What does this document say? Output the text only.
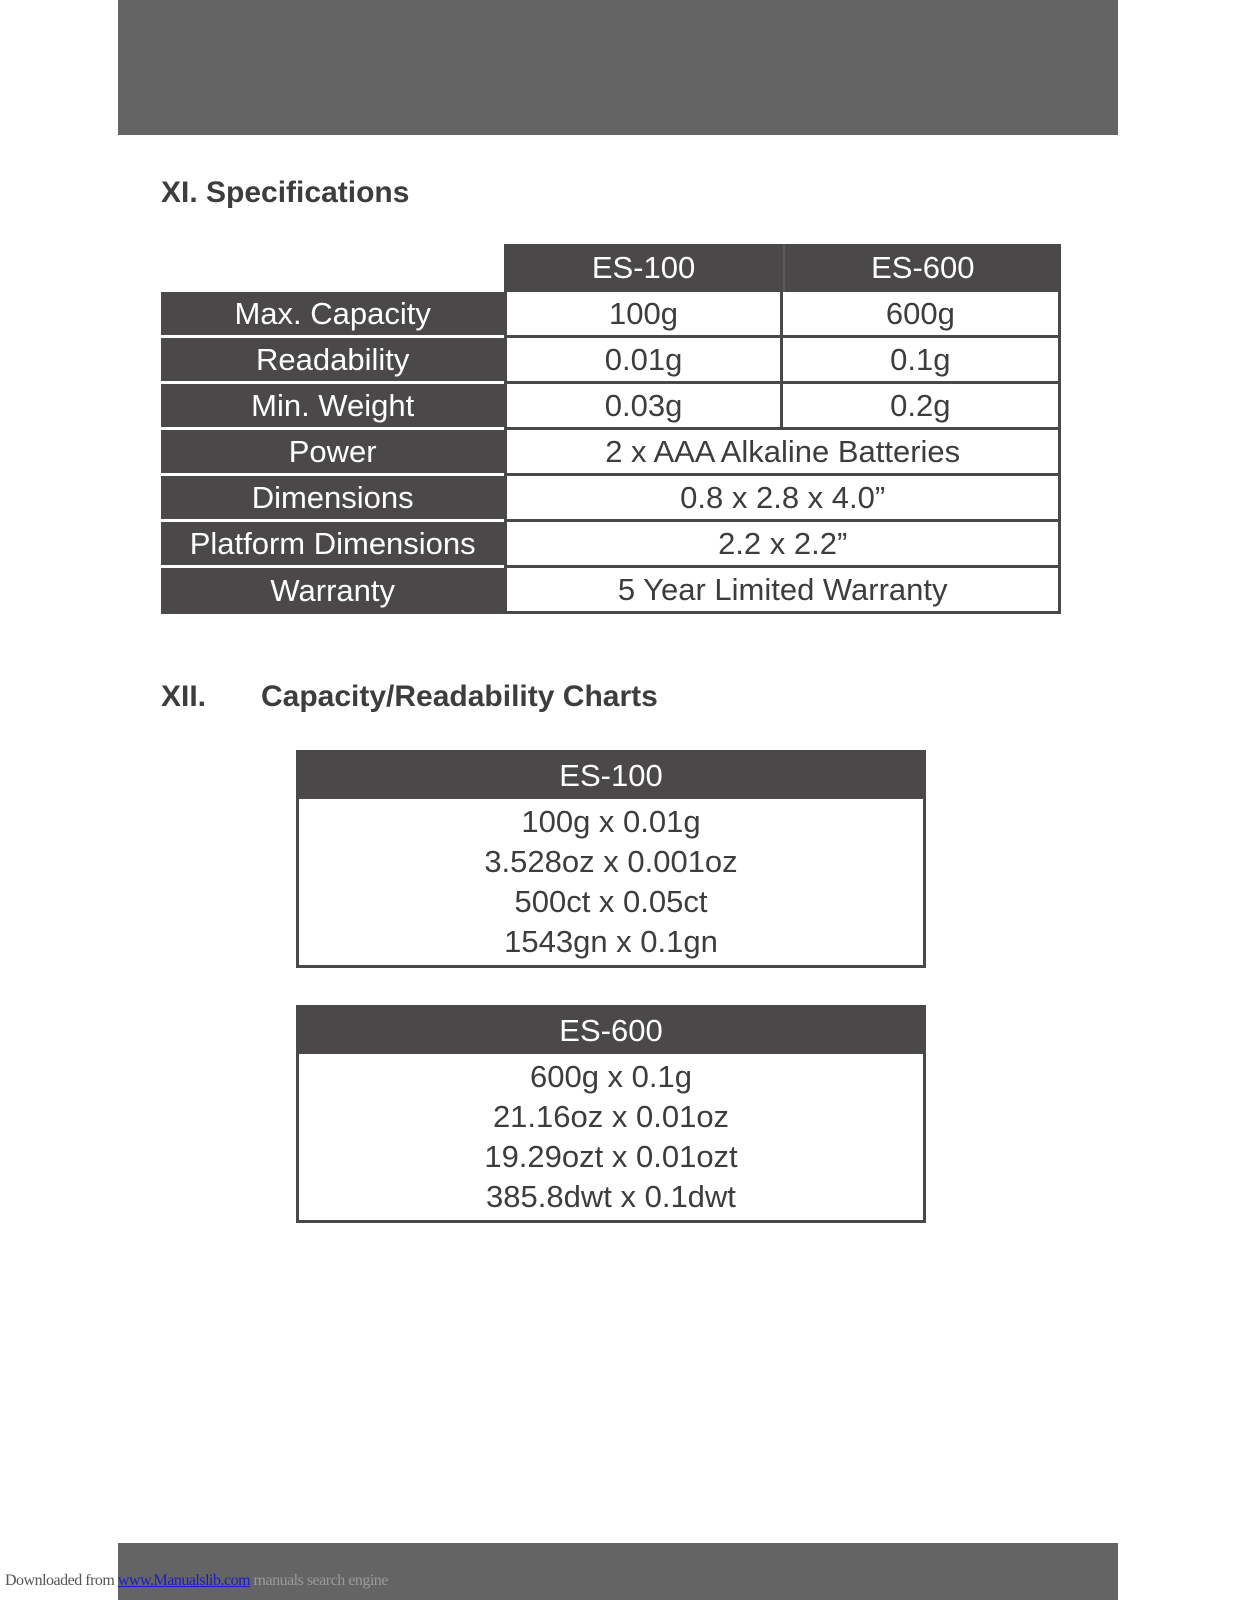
XI. Specifications
	ES-100	ES-600
Max. Capacity	100g	600g
Readability	0.01g	0.1g
Min. Weight	0.03g	0.2g
Power	2 x AAA Alkaline Batteries	
Dimensions	0.8 x 2.8 x 4.0”	
Platform Dimensions	2.2 x 2.2”	
Warranty	5 Year Limited Warranty	
XII. Capacity/Readability Charts
ES-100
100g x 0.01g
3.528oz x 0.001oz
500ct x 0.05ct
1543gn x 0.1gn
ES-600
600g x 0.1g
21.16oz x 0.01oz
19.29ozt x 0.01ozt
385.8dwt x 0.1dwt
Downloaded from www.Manualslib.com manuals search engine
